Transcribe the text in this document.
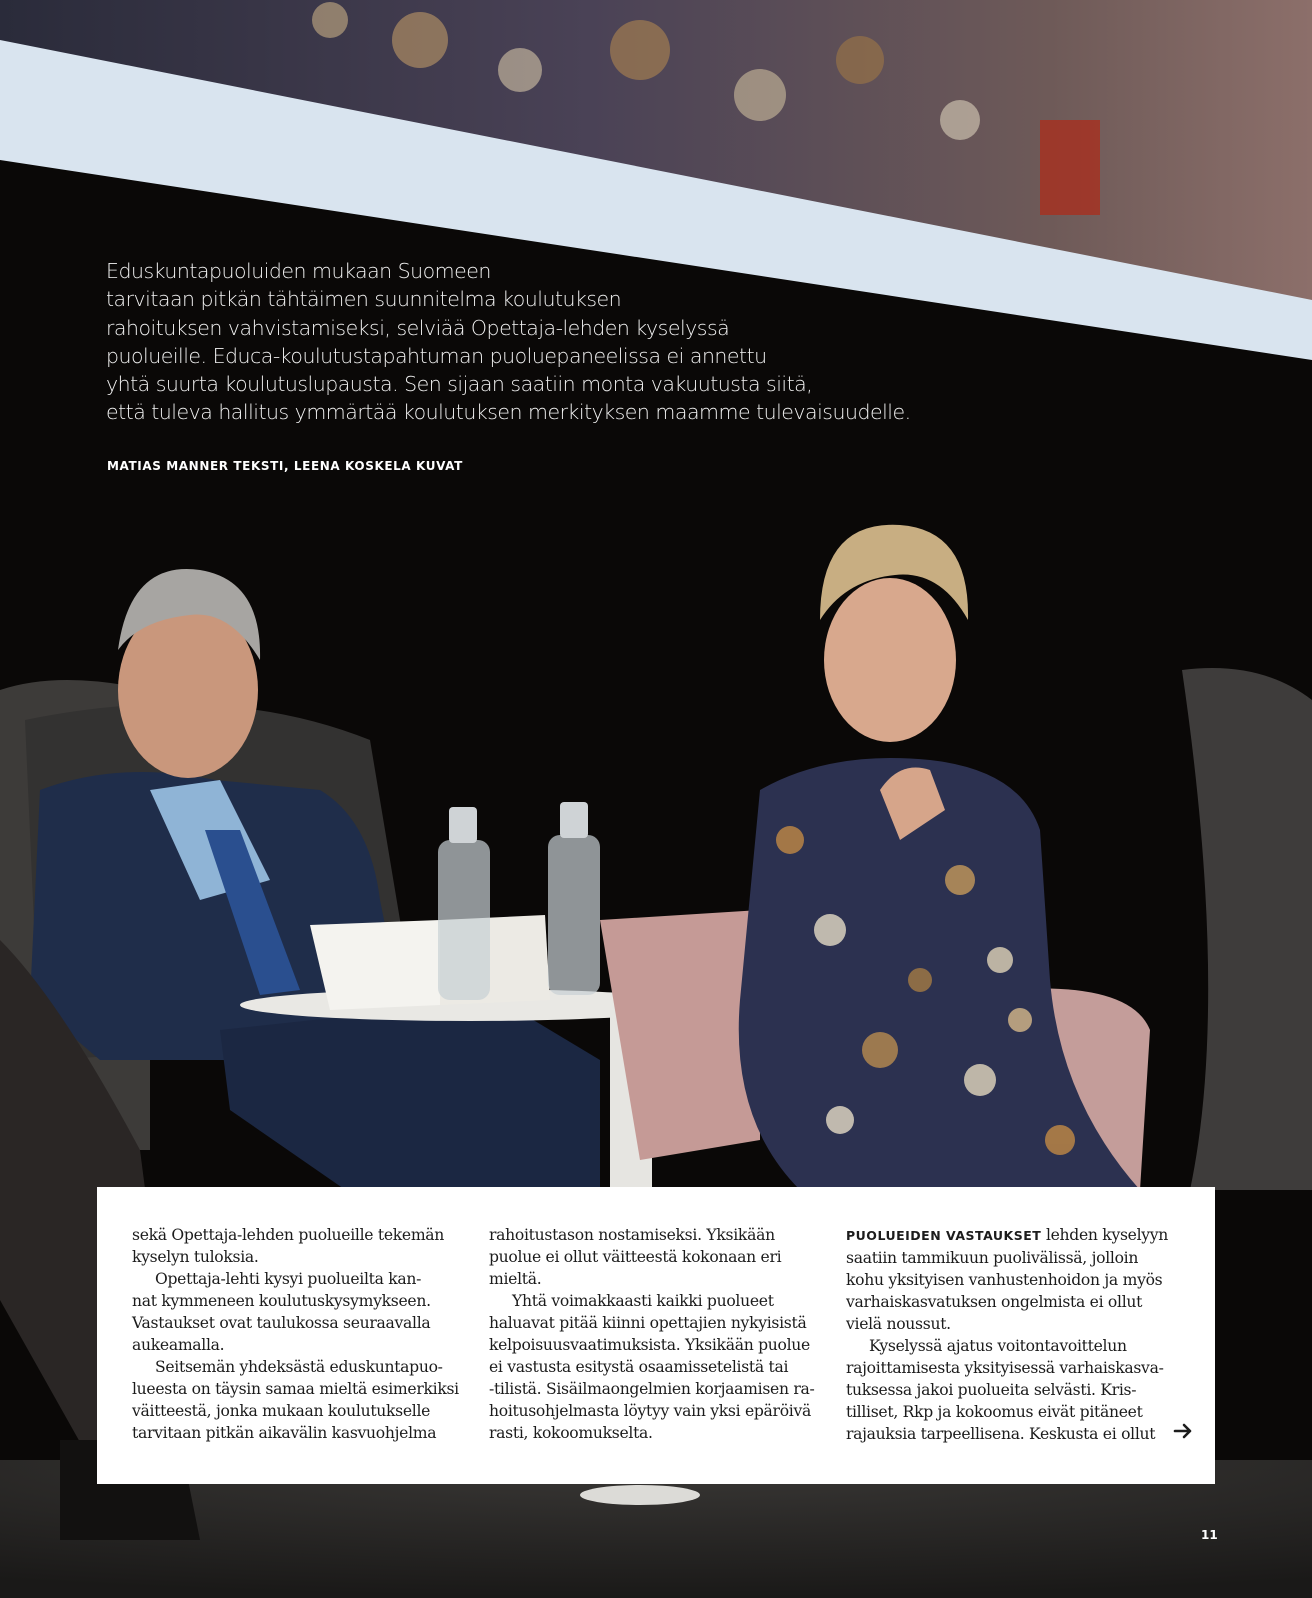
Eduskuntapuoluiden mukaan Suomeen
tarvitaan pitkän tähtäimen suunnitelma koulutuksen
rahoituksen vahvistamiseksi, selviää Opettaja-lehden kyselyssä
puolueille. Educa-koulutustapahtuman puoluepaneelissa ei annettu
yhtä suurta koulutuslupausta. Sen sijaan saatiin monta vakuutusta siitä,
että tuleva hallitus ymmärtää koulutuksen merkityksen maamme tulevaisuudelle.
MATIAS MANNER TEKSTI, LEENA KOSKELA KUVAT
sekä Opettaja-lehden puolueille tekemän
kyselyn tuloksia.
Opettaja-lehti kysyi puolueilta kan-
nat kymmeneen koulutuskysymykseen.
Vastaukset ovat taulukossa seuraavalla
aukeamalla.
Seitsemän yhdeksästä eduskuntapuo-
lueesta on täysin samaa mieltä esimerkiksi
väitteestä, jonka mukaan koulutukselle
tarvitaan pitkän aikavälin kasvuohjelma
rahoitustason nostamiseksi. Yksikään
puolue ei ollut väitteestä kokonaan eri
mieltä.
Yhtä voimakkaasti kaikki puolueet
haluavat pitää kiinni opettajien nykyisistä
kelpoisuusvaatimuksista. Yksikään puolue
ei vastusta esitystä osaamissetelistä tai
-tilistä. Sisäilmaongelmien korjaamisen ra-
hoitusohjelmasta löytyy vain yksi epäröivä
rasti, kokoomukselta.
PUOLUEIDEN VASTAUKSET lehden kyselyyn
saatiin tammikuun puolivälissä, jolloin
kohu yksityisen vanhustenhoidon ja myös
varhaiskasvatuksen ongelmista ei ollut
vielä noussut.
Kyselyssä ajatus voitontavoittelun
rajoittamisesta yksityisessä varhaiskasva-
tuksessa jakoi puolueita selvästi. Kris-
tilliset, Rkp ja kokoomus eivät pitäneet
rajauksia tarpeellisena. Keskusta ei ollut
11
